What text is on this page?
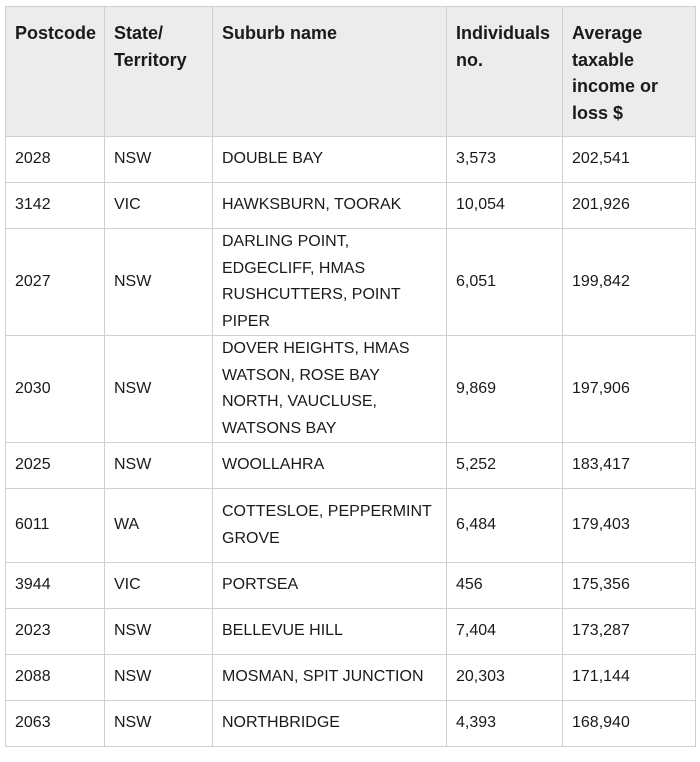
Postcode	State/ Territory	Suburb name	Individuals no.	Average taxable income or loss $
2028	NSW	DOUBLE BAY	3,573	202,541
3142	VIC	HAWKSBURN, TOORAK	10,054	201,926
2027	NSW	DARLING POINT, EDGECLIFF, HMAS RUSHCUTTERS, POINT PIPER	6,051	199,842
2030	NSW	DOVER HEIGHTS, HMAS WATSON, ROSE BAY NORTH, VAUCLUSE, WATSONS BAY	9,869	197,906
2025	NSW	WOOLLAHRA	5,252	183,417
6011	WA	COTTESLOE, PEPPERMINT GROVE	6,484	179,403
3944	VIC	PORTSEA	456	175,356
2023	NSW	BELLEVUE HILL	7,404	173,287
2088	NSW	MOSMAN, SPIT JUNCTION	20,303	171,144
2063	NSW	NORTHBRIDGE	4,393	168,940
